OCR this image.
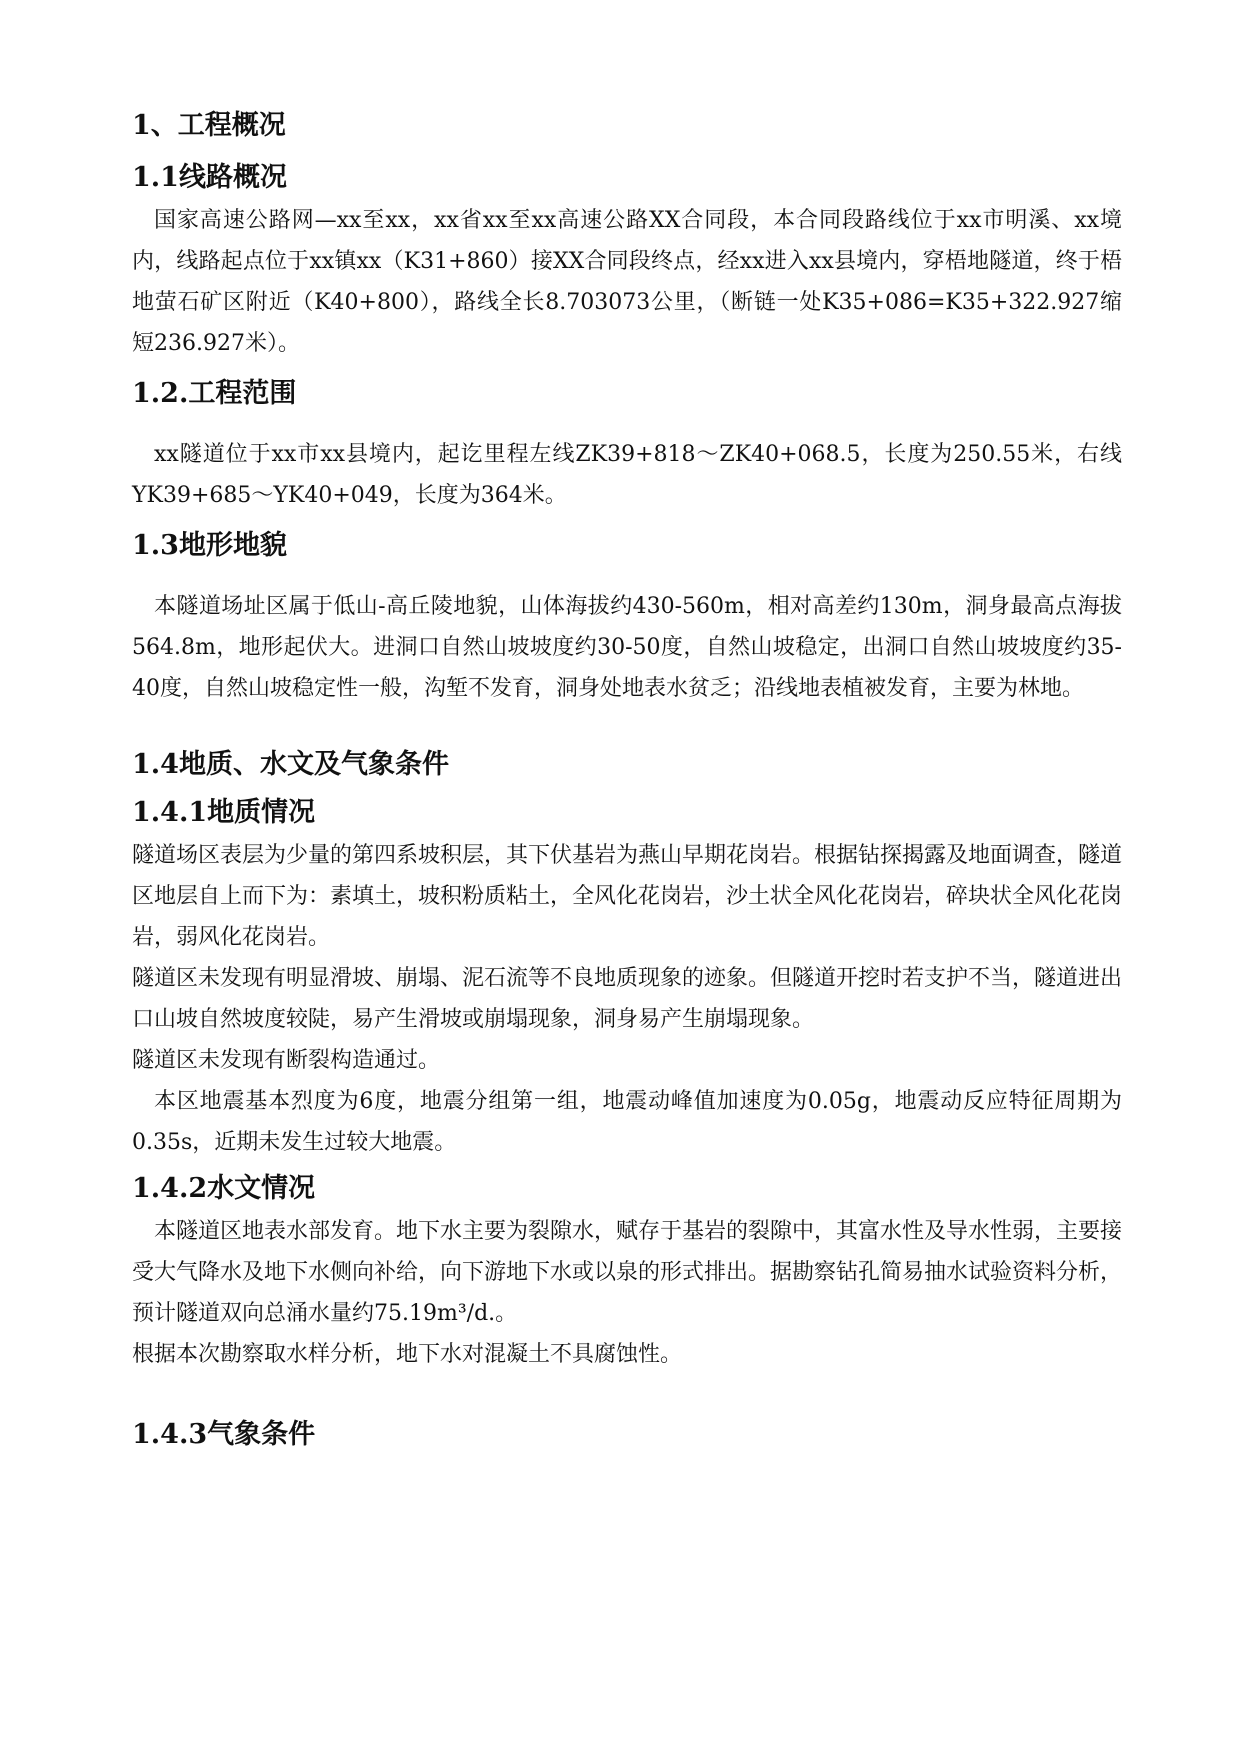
1、工程概况
1.1线路概况

国家高速公路网—xx至xx，xx省xx至xx高速公路XX合同段，本合同段路线位于xx市明溪、xx境内，线路起点位于xx镇xx（K31+860）接XX合同段终点，经xx进入xx县境内，穿梧地隧道，终于梧地萤石矿区附近（K40+800），路线全长8.703073公里，（断链一处K35+086=K35+322.927缩短236.927米）。

1.2.工程范围

xx隧道位于xx市xx县境内，起讫里程左线ZK39+818～ZK40+068.5，长度为250.55米，右线YK39+685～YK40+049，长度为364米。

1.3地形地貌

本隧道场址区属于低山-高丘陵地貌，山体海拔约430-560m，相对高差约130m，洞身最高点海拔564.8m，地形起伏大。进洞口自然山坡坡度约30-50度，自然山坡稳定，出洞口自然山坡坡度约35-40度，自然山坡稳定性一般，沟堑不发育，洞身处地表水贫乏；沿线地表植被发育，主要为林地。

1.4地质、水文及气象条件
1.4.1地质情况

隧道场区表层为少量的第四系坡积层，其下伏基岩为燕山早期花岗岩。根据钻探揭露及地面调查，隧道区地层自上而下为：素填土，坡积粉质粘土，全风化花岗岩，沙土状全风化花岗岩，碎块状全风化花岗岩，弱风化花岗岩。

隧道区未发现有明显滑坡、崩塌、泥石流等不良地质现象的迹象。但隧道开挖时若支护不当，隧道进出口山坡自然坡度较陡，易产生滑坡或崩塌现象，洞身易产生崩塌现象。

隧道区未发现有断裂构造通过。

本区地震基本烈度为6度，地震分组第一组，地震动峰值加速度为0.05g，地震动反应特征周期为0.35s，近期未发生过较大地震。

1.4.2水文情况

本隧道区地表水部发育。地下水主要为裂隙水，赋存于基岩的裂隙中，其富水性及导水性弱，主要接受大气降水及地下水侧向补给，向下游地下水或以泉的形式排出。据勘察钻孔简易抽水试验资料分析，预计隧道双向总涌水量约75.19m³/d.。

根据本次勘察取水样分析，地下水对混凝土不具腐蚀性。

1.4.3气象条件
